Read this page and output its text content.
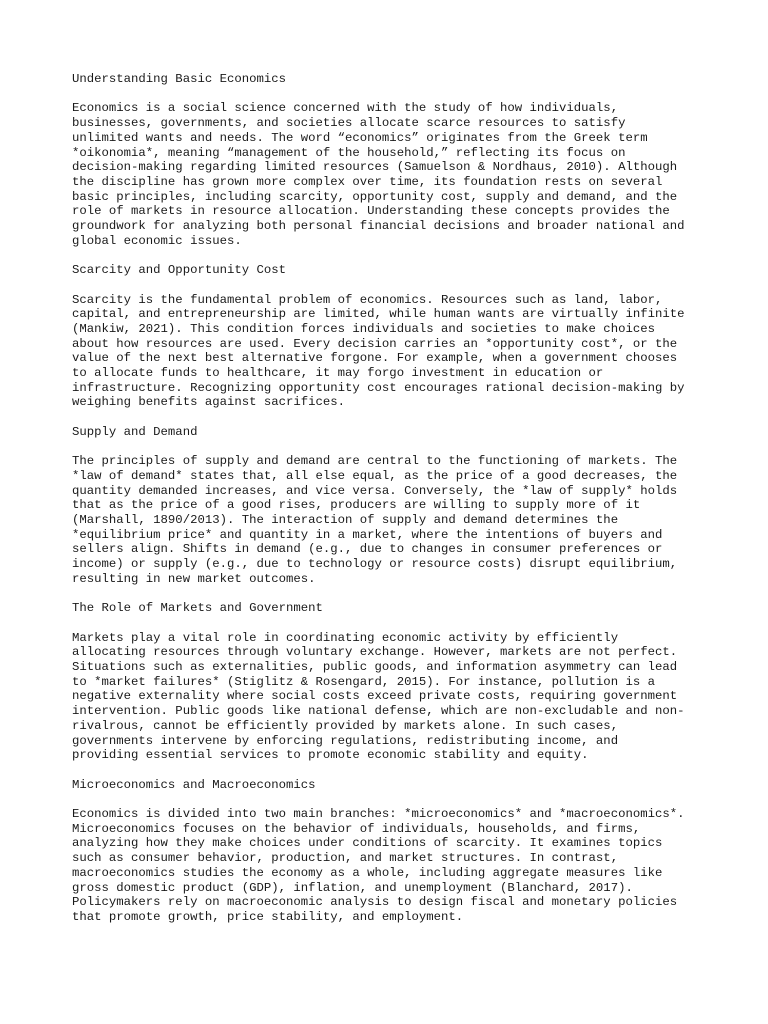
Understanding Basic Economics
Economics is a social science concerned with the study of how individuals,
businesses, governments, and societies allocate scarce resources to satisfy
unlimited wants and needs. The word “economics” originates from the Greek term
*oikonomia*, meaning “management of the household,” reflecting its focus on
decision-making regarding limited resources (Samuelson & Nordhaus, 2010). Although
the discipline has grown more complex over time, its foundation rests on several
basic principles, including scarcity, opportunity cost, supply and demand, and the
role of markets in resource allocation. Understanding these concepts provides the
groundwork for analyzing both personal financial decisions and broader national and
global economic issues.
Scarcity and Opportunity Cost
Scarcity is the fundamental problem of economics. Resources such as land, labor,
capital, and entrepreneurship are limited, while human wants are virtually infinite
(Mankiw, 2021). This condition forces individuals and societies to make choices
about how resources are used. Every decision carries an *opportunity cost*, or the
value of the next best alternative forgone. For example, when a government chooses
to allocate funds to healthcare, it may forgo investment in education or
infrastructure. Recognizing opportunity cost encourages rational decision-making by
weighing benefits against sacrifices.
Supply and Demand
The principles of supply and demand are central to the functioning of markets. The
*law of demand* states that, all else equal, as the price of a good decreases, the
quantity demanded increases, and vice versa. Conversely, the *law of supply* holds
that as the price of a good rises, producers are willing to supply more of it
(Marshall, 1890/2013). The interaction of supply and demand determines the
*equilibrium price* and quantity in a market, where the intentions of buyers and
sellers align. Shifts in demand (e.g., due to changes in consumer preferences or
income) or supply (e.g., due to technology or resource costs) disrupt equilibrium,
resulting in new market outcomes.
The Role of Markets and Government
Markets play a vital role in coordinating economic activity by efficiently
allocating resources through voluntary exchange. However, markets are not perfect.
Situations such as externalities, public goods, and information asymmetry can lead
to *market failures* (Stiglitz & Rosengard, 2015). For instance, pollution is a
negative externality where social costs exceed private costs, requiring government
intervention. Public goods like national defense, which are non-excludable and non-
rivalrous, cannot be efficiently provided by markets alone. In such cases,
governments intervene by enforcing regulations, redistributing income, and
providing essential services to promote economic stability and equity.
Microeconomics and Macroeconomics
Economics is divided into two main branches: *microeconomics* and *macroeconomics*.
Microeconomics focuses on the behavior of individuals, households, and firms,
analyzing how they make choices under conditions of scarcity. It examines topics
such as consumer behavior, production, and market structures. In contrast,
macroeconomics studies the economy as a whole, including aggregate measures like
gross domestic product (GDP), inflation, and unemployment (Blanchard, 2017).
Policymakers rely on macroeconomic analysis to design fiscal and monetary policies
that promote growth, price stability, and employment.
